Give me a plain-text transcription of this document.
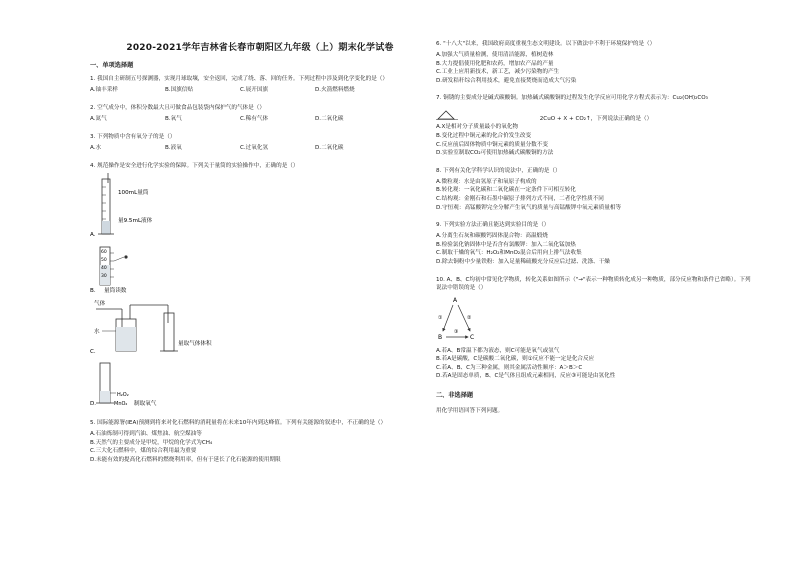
2020-2021学年吉林省长春市朝阳区九年级（上）期末化学试卷
一、单项选择题
1. 我国自主研制五号探测器，实现月球取壤，安全返回，完成了绕、落、回的任务。下列过程中涉及到化学变化的是（）
A.铀丰采样	B.国旗信贴	C.展开国旗	D.火箭燃料燃烧
2. 空气成分中，体积分数最大且可做食品包装袋内保护气的气体是（）
A.氮气	B.氧气	C.稀有气体	D.二氧化碳
3. 下列物质中含有氧分子的是（）
A.水	B.液氧	C.过氧化氢	D.二氧化碳
4. 规范操作是安全进行化学实验的保障。下列关于量筒的实验操作中，正确的是（）
100mL量筒
量9.5mL液体
A.
60
50
40
30
B. 量筒读数
气体
水
C.
量取气体体积
H₂O₂
D.	MnO₂ 制取氧气
5. 国际能源署(IEA)预测到将来对化石燃料的消耗量将在未来10年内到达峰值。下列有关能源的叙述中，不正确的是（）
A.石油炼制可得到汽油、煤焦油、航空煤油等
B.天然气的主要成分是甲烷，甲烷的化学式为CH₄
C.三大化石燃料中，煤的综合利用最为重要
D.未能有效的提高化石燃料的燃烧利用率，但有于延长了化石能源的使用期限
6. "十八大"以来，我国政府高度重视生态文明建设。以下做法中不利于环境保护的是（）
A.加强大气质量检测，使用清洁能源，植树造林
B.大力提倡使用化肥和农药，增加农产品的产量
C.工业上应用新技术，新工艺，减少污染物的产生
D.研发秸秆综合利用技术，避免直接焚烧而造成大气污染
7. 铜锈的主要成分是碱式碳酸铜。加热碱式碳酸铜的过程发生化学反应可用化学方程式表示为：Cu₂(OH)₂CO₃
2CuO + X + CO₂↑，下列说法正确的是（）
A.X是相对分子质量最小的氧化物
B.变化过程中铜元素的化合价发生改变
C.反应前后固体物质中铜元素的质量分数不变
D.实验室制取CO₂可使用加热碱式碳酸铜的方法
8. 下列有关化学科学认识的说法中，正确的是（）
A.微粒观：水是由氢原子和氧原子构成的
B.转化观：一氧化碳和二氧化碳在一定条件下可相互转化
C.结构观：金刚石和石墨中碳原子排列方式不同，二者化学性质不同
D.守恒观：高锰酸钾完全分解产生氧气的质量与高锰酸钾中氧元素质量相等
9. 下列实验方法正确且能达到实验目的是（）
A.分离生石灰和碳酸钙固体混合物：高温煅烧
B.检验氯化钠固体中是否含有氯酸钾：加入二氧化锰加热
C.制取干燥的氧气：H₂O₂和MnO₂混合后用向上排气法收集
D.除去铜粉中少量铁粉：加入足量稀硫酸充分反应后过滤、洗涤、干燥
10. A、B、C均初中常见化学物质，转化关系如图所示（"→"表示一种物质转化成另一种物质，部分反应物和条件已省略）。下列说法中错误的是（）
A
B	C
①	②
③
A.若A、B常温下都为液态，则C可能是氧气或氢气
B.若A是碳酸，C是碳酸二氧化碳，则①反应不能一定是化合反应
C.若A、B、C为三种金属，则其金属活动性顺序：A＞B＞C
D.若A是固态单质，B、C是气体且组成元素相同，反应③可能是由氢化性
二、非选择题
用化学用语回答下列问题。
